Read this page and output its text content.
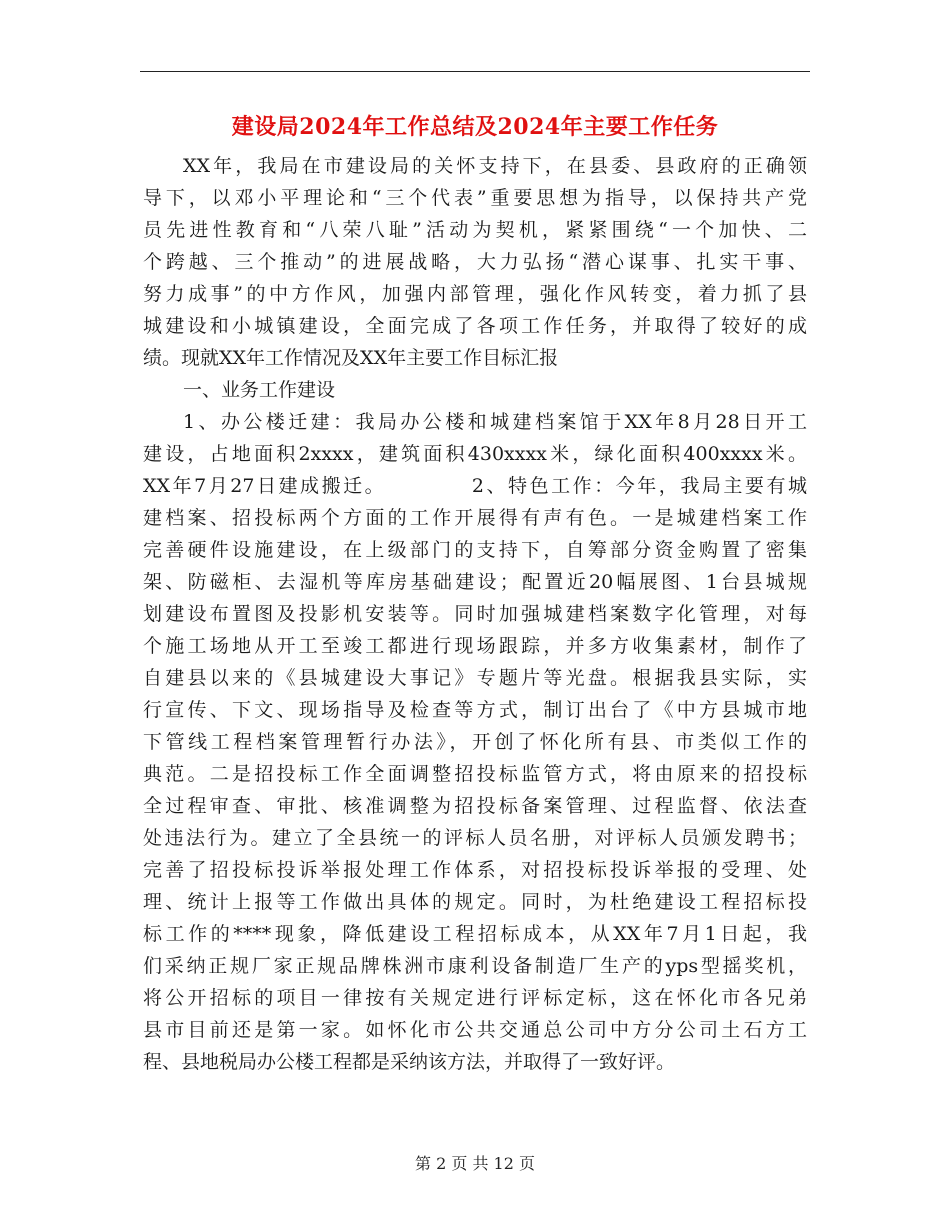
建设局2024年工作总结及2024年主要工作任务
XX年，我局在市建设局的关怀支持下，在县委、县政府的正确领
导下，以邓小平理论和“三个代表”重要思想为指导，以保持共产党
员先进性教育和“八荣八耻”活动为契机，紧紧围绕“一个加快、二
个跨越、三个推动”的进展战略，大力弘扬“潜心谋事、扎实干事、
努力成事”的中方作风，加强内部管理，强化作风转变，着力抓了县
城建设和小城镇建设，全面完成了各项工作任务，并取得了较好的成
绩。现就XX年工作情况及XX年主要工作目标汇报
一、业务工作建设
1、办公楼迁建：我局办公楼和城建档案馆于XX年8月28日开工
建设，占地面积2xxxx，建筑面积430xxxx米，绿化面积400xxxx米。
XX年7月27日建成搬迁。          2、特色工作：今年，我局主要有城
建档案、招投标两个方面的工作开展得有声有色。一是城建档案工作
完善硬件设施建设，在上级部门的支持下，自筹部分资金购置了密集
架、防磁柜、去湿机等库房基础建设；配置近20幅展图、1台县城规
划建设布置图及投影机安装等。同时加强城建档案数字化管理，对每
个施工场地从开工至竣工都进行现场跟踪，并多方收集素材，制作了
自建县以来的《县城建设大事记》专题片等光盘。根据我县实际，实
行宣传、下文、现场指导及检查等方式，制订出台了《中方县城市地
下管线工程档案管理暂行办法》，开创了怀化所有县、市类似工作的
典范。二是招投标工作全面调整招投标监管方式，将由原来的招投标
全过程审查、审批、核准调整为招投标备案管理、过程监督、依法查
处违法行为。建立了全县统一的评标人员名册，对评标人员颁发聘书；
完善了招投标投诉举报处理工作体系，对招投标投诉举报的受理、处
理、统计上报等工作做出具体的规定。同时，为杜绝建设工程招标投
标工作的****现象，降低建设工程招标成本，从XX年7月1日起，我
们采纳正规厂家正规品牌株洲市康利设备制造厂生产的yps型摇奖机，
将公开招标的项目一律按有关规定进行评标定标，这在怀化市各兄弟
县市目前还是第一家。如怀化市公共交通总公司中方分公司土石方工
程、县地税局办公楼工程都是采纳该方法，并取得了一致好评。
第 2 页 共 12 页
